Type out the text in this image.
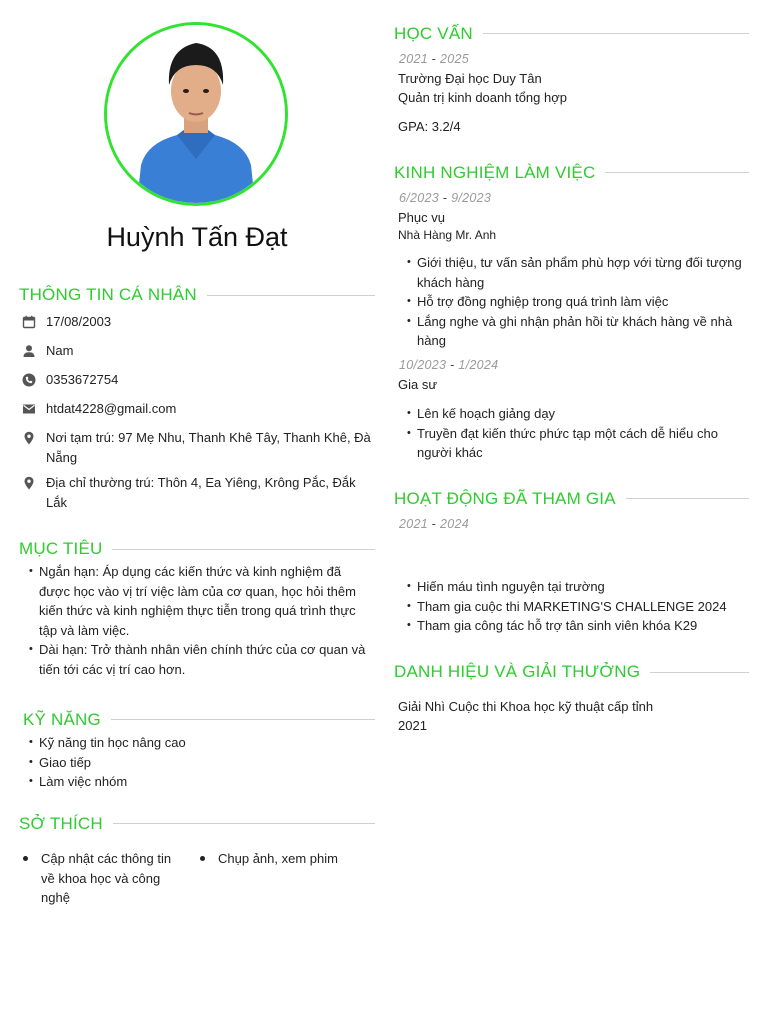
Huỳnh Tấn Đạt
THÔNG TIN CÁ NHÂN
17/08/2003
Nam
0353672754
htdat4228@gmail.com
Nơi tạm trú: 97 Mẹ Nhu, Thanh Khê Tây, Thanh Khê, Đà Nẵng
Địa chỉ thường trú: Thôn 4, Ea Yiêng, Krông Pắc, Đắk Lắk
MỤC TIÊU
• Ngắn hạn: Áp dụng các kiến thức và kinh nghiệm đã được học vào vị trí việc làm của cơ quan, học hỏi thêm kiến thức và kinh nghiệm thực tiễn trong quá trình thực tập và làm việc.
• Dài hạn: Trở thành nhân viên chính thức của cơ quan và tiến tới các vị trí cao hơn.
KỸ NĂNG
• Kỹ năng tin học nâng cao
• Giao tiếp
• Làm việc nhóm
SỞ THÍCH
Cập nhật các thông tin về khoa học và công nghệ
Chụp ảnh, xem phim
HỌC VẤN
2021 - 2025
Trường Đại học Duy Tân
Quản trị kinh doanh tổng hợp
GPA: 3.2/4
KINH NGHIỆM LÀM VIỆC
6/2023 - 9/2023
Phục vụ
Nhà Hàng Mr. Anh
• Giới thiệu, tư vấn sản phẩm phù hợp với từng đối tượng khách hàng
• Hỗ trợ đồng nghiệp trong quá trình làm việc
• Lắng nghe và ghi nhận phản hồi từ khách hàng về nhà hàng
10/2023 - 1/2024
Gia sư
• Lên kế hoạch giảng dạy
• Truyền đạt kiến thức phức tạp một cách dễ hiểu cho người khác
HOẠT ĐỘNG ĐÃ THAM GIA
2021 - 2024
• Hiến máu tình nguyện tại trường
• Tham gia cuộc thi MARKETING'S CHALLENGE 2024
• Tham gia công tác hỗ trợ tân sinh viên khóa K29
DANH HIỆU VÀ GIẢI THƯỞNG
Giải Nhì Cuộc thi Khoa học kỹ thuật cấp tỉnh
2021
